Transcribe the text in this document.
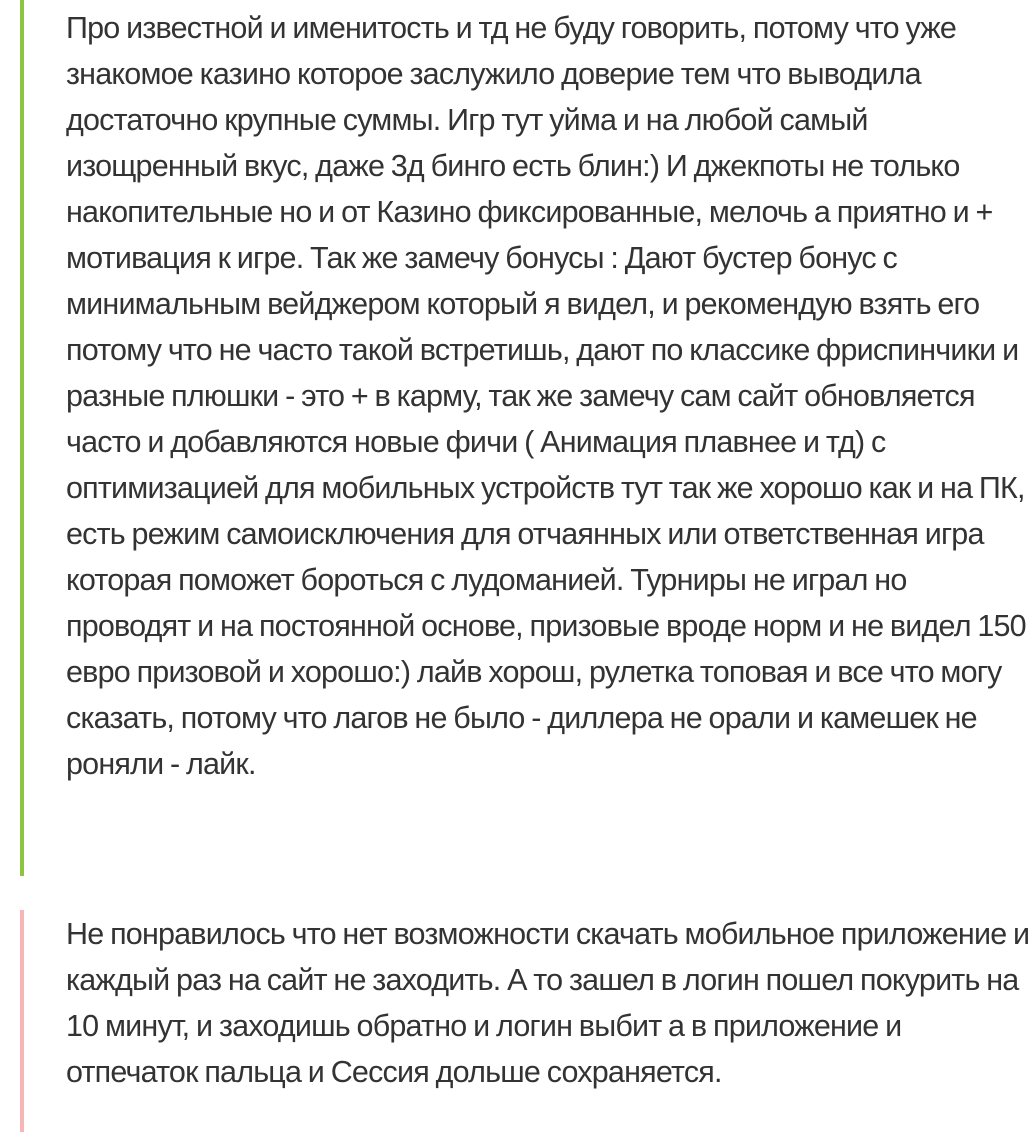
Про известной и именитость и тд не буду говорить, потому что уже знакомое казино которое заслужило доверие тем что выводила достаточно крупные суммы. Игр тут уйма и на любой самый изощренный вкус, даже 3д бинго есть блин:) И джекпоты не только накопительные но и от Казино фиксированные, мелочь а приятно и + мотивация к игре. Так же замечу бонусы : Дают бустер бонус с минимальным вейджером который я видел, и рекомендую взять его потому что не часто такой встретишь, дают по классике фриспинчики и разные плюшки - это + в карму, так же замечу сам сайт обновляется часто и добавляются новые фичи ( Анимация плавнее и тд) с оптимизацией для мобильных устройств тут так же хорошо как и на ПК, есть режим самоисключения для отчаянных или ответственная игра которая поможет бороться с лудоманией. Турниры не играл но проводят и на постоянной основе, призовые вроде норм и не видел 150 евро призовой и хорошо:) лайв хорош, рулетка топовая и все что могу сказать, потому что лагов не было - диллера не орали и камешек не роняли - лайк.

Не понравилось что нет возможности скачать мобильное приложение и каждый раз на сайт не заходить. А то зашел в логин пошел покурить на 10 минут, и заходишь обратно и логин выбит а в приложение и отпечаток пальца и Сессия дольше сохраняется.
